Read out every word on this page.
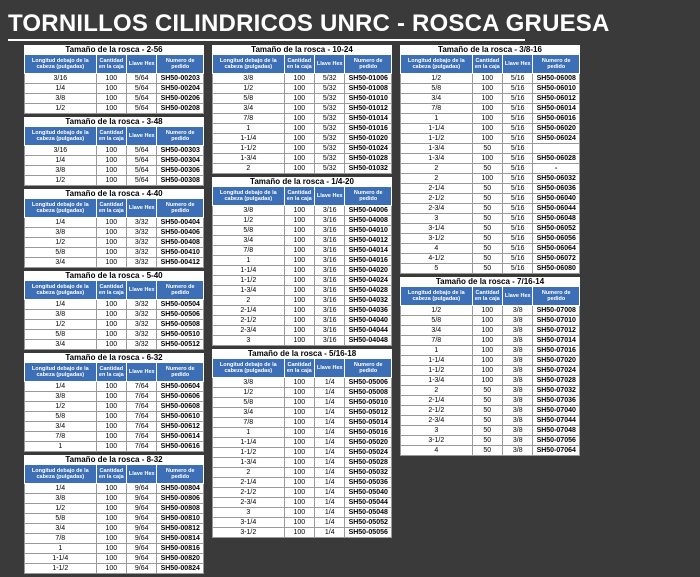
TORNILLOS CILINDRICOS UNRC - ROSCA GRUESA
Tamaño de la rosca - 2-56			
Longitud debajo de la cabeza (pulgadas)	Cantidad en la caja	Llave Hex	Numero de pedido
3/16	100	5/64	SH50-00203
1/4	100	5/64	SH50-00204
3/8	100	5/64	SH50-00206
1/2	100	5/64	SH50-00208
Tamaño de la rosca - 3-48			
Longitud debajo de la cabeza (pulgadas)	Cantidad en la caja	Llave Hex	Numero de pedido
3/16	100	5/64	SH50-00303
1/4	100	5/64	SH50-00304
3/8	100	5/64	SH50-00306
1/2	100	5/64	SH50-00308
Tamaño de la rosca - 4-40			
Longitud debajo de la cabeza (pulgadas)	Cantidad en la caja	Llave Hex	Numero de pedido
1/4	100	3/32	SH50-00404
3/8	100	3/32	SH50-00406
1/2	100	3/32	SH50-00408
5/8	100	3/32	SH50-00410
3/4	100	3/32	SH50-00412
Tamaño de la rosca - 5-40			
Longitud debajo de la cabeza (pulgadas)	Cantidad en la caja	Llave Hex	Numero de pedido
1/4	100	3/32	SH50-00504
3/8	100	3/32	SH50-00506
1/2	100	3/32	SH50-00508
5/8	100	3/32	SH50-00510
3/4	100	3/32	SH50-00512
Tamaño de la rosca - 6-32			
Longitud debajo de la cabeza (pulgadas)	Cantidad en la caja	Llave Hex	Numero de pedido
1/4	100	7/64	SH50-00604
3/8	100	7/64	SH50-00606
1/2	100	7/64	SH50-00608
5/8	100	7/64	SH50-00610
3/4	100	7/64	SH50-00612
7/8	100	7/64	SH50-00614
1	100	7/64	SH50-00616
Tamaño de la rosca - 8-32			
Longitud debajo de la cabeza (pulgadas)	Cantidad en la caja	Llave Hex	Numero de pedido
1/4	100	9/64	SH50-00804
3/8	100	9/64	SH50-00806
1/2	100	9/64	SH50-00808
5/8	100	9/64	SH50-00810
3/4	100	9/64	SH50-00812
7/8	100	9/64	SH50-00814
1	100	9/64	SH50-00816
1-1/4	100	9/64	SH50-00820
1-1/2	100	9/64	SH50-00824
Tamaño de la rosca - 10-24			
Longitud debajo de la cabeza (pulgadas)	Cantidad en la caja	Llave Hex	Numero de pedido
3/8	100	5/32	SH50-01006
1/2	100	5/32	SH50-01008
5/8	100	5/32	SH50-01010
3/4	100	5/32	SH50-01012
7/8	100	5/32	SH50-01014
1	100	5/32	SH50-01016
1-1/4	100	5/32	SH50-01020
1-1/2	100	5/32	SH50-01024
1-3/4	100	5/32	SH50-01028
2	100	5/32	SH50-01032
Tamaño de la rosca - 1/4-20			
Longitud debajo de la cabeza (pulgadas)	Cantidad en la caja	Llave Hex	Numero de pedido
3/8	100	3/16	SH50-04006
1/2	100	3/16	SH50-04008
5/8	100	3/16	SH50-04010
3/4	100	3/16	SH50-04012
7/8	100	3/16	SH50-04014
1	100	3/16	SH50-04016
1-1/4	100	3/16	SH50-04020
1-1/2	100	3/16	SH50-04024
1-3/4	100	3/16	SH50-04028
2	100	3/16	SH50-04032
2-1/4	100	3/16	SH50-04036
2-1/2	100	3/16	SH50-04040
2-3/4	100	3/16	SH50-04044
3	100	3/16	SH50-04048
Tamaño de la rosca - 5/16-18			
Longitud debajo de la cabeza (pulgadas)	Cantidad en la caja	Llave Hex	Numero de pedido
3/8	100	1/4	SH50-05006
1/2	100	1/4	SH50-05008
5/8	100	1/4	SH50-05010
3/4	100	1/4	SH50-05012
7/8	100	1/4	SH50-05014
1	100	1/4	SH50-05016
1-1/4	100	1/4	SH50-05020
1-1/2	100	1/4	SH50-05024
1-3/4	100	1/4	SH50-05028
2	100	1/4	SH50-05032
2-1/4	100	1/4	SH50-05036
2-1/2	100	1/4	SH50-05040
2-3/4	100	1/4	SH50-05044
3	100	1/4	SH50-05048
3-1/4	100	1/4	SH50-05052
3-1/2	100	1/4	SH50-05056
Tamaño de la rosca - 3/8-16			
Longitud debajo de la cabeza (pulgadas)	Cantidad en la caja	Llave Hex	Numero de pedido
1/2	100	5/16	SH50-06008
5/8	100	5/16	SH50-06010
3/4	100	5/16	SH50-06012
7/8	100	5/16	SH50-06014
1	100	5/16	SH50-06016
1-1/4	100	5/16	SH50-06020
1-1/2	100	5/16	SH50-06024
1-3/4	50	5/16	
1-3/4	100	5/16	SH50-06028
2	50	5/16	-
2	100	5/16	SH50-06032
2-1/4	50	5/16	SH50-06036
2-1/2	50	5/16	SH50-06040
2-3/4	50	5/16	SH50-06044
3	50	5/16	SH50-06048
3-1/4	50	5/16	SH50-06052
3-1/2	50	5/16	SH50-06056
4	50	5/16	SH50-06064
4-1/2	50	5/16	SH50-06072
5	50	5/16	SH50-06080
Tamaño de la rosca - 7/16-14			
Longitud debajo de la cabeza (pulgadas)	Cantidad en la caja	Llave Hex	Numero de pedido
1/2	100	3/8	SH50-07008
5/8	100	3/8	SH50-07010
3/4	100	3/8	SH50-07012
7/8	100	3/8	SH50-07014
1	100	3/8	SH50-07016
1-1/4	100	3/8	SH50-07020
1-1/2	100	3/8	SH50-07024
1-3/4	100	3/8	SH50-07028
2	50	3/8	SH50-07032
2-1/4	50	3/8	SH50-07036
2-1/2	50	3/8	SH50-07040
2-3/4	50	3/8	SH50-07044
3	50	3/8	SH50-07048
3-1/2	50	3/8	SH50-07056
4	50	3/8	SH50-07064
